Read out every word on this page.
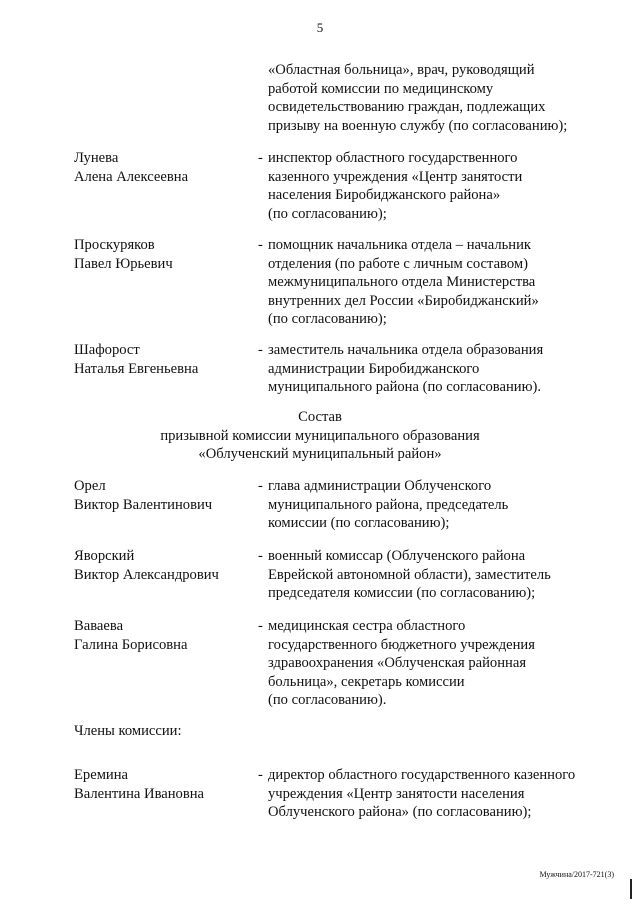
5
«Областная больница», врач, руководящий
работой комиссии по медицинскому
освидетельствованию граждан, подлежащих
призыву на военную службу (по согласованию);
Лунева
Алена Алексеевна
- инспектор областного государственного
казенного учреждения «Центр занятости
населения Биробиджанского района»
(по согласованию);
Проскуряков
Павел Юрьевич
- помощник начальника отдела – начальник
отделения (по работе с личным составом)
межмуниципального отдела Министерства
внутренних дел России «Биробиджанский»
(по согласованию);
Шафорост
Наталья Евгеньевна
- заместитель начальника отдела образования
администрации Биробиджанского
муниципального района (по согласованию).
Состав
призывной комиссии муниципального образования
«Облученский муниципальный район»
Орел
Виктор Валентинович
- глава администрации Облученского
муниципального района, председатель
комиссии (по согласованию);
Яворский
Виктор Александрович
- военный комиссар (Облученского района
Еврейской автономной области), заместитель
председателя комиссии (по согласованию);
Ваваева
Галина Борисовна
- медицинская сестра областного
государственного бюджетного учреждения
здравоохранения «Облученская районная
больница», секретарь комиссии
(по согласованию).
Члены комиссии:
Еремина
Валентина Ивановна
- директор областного государственного казенного
учреждения «Центр занятости населения
Облученского района» (по согласованию);
Мужчина/2017-721(3)
